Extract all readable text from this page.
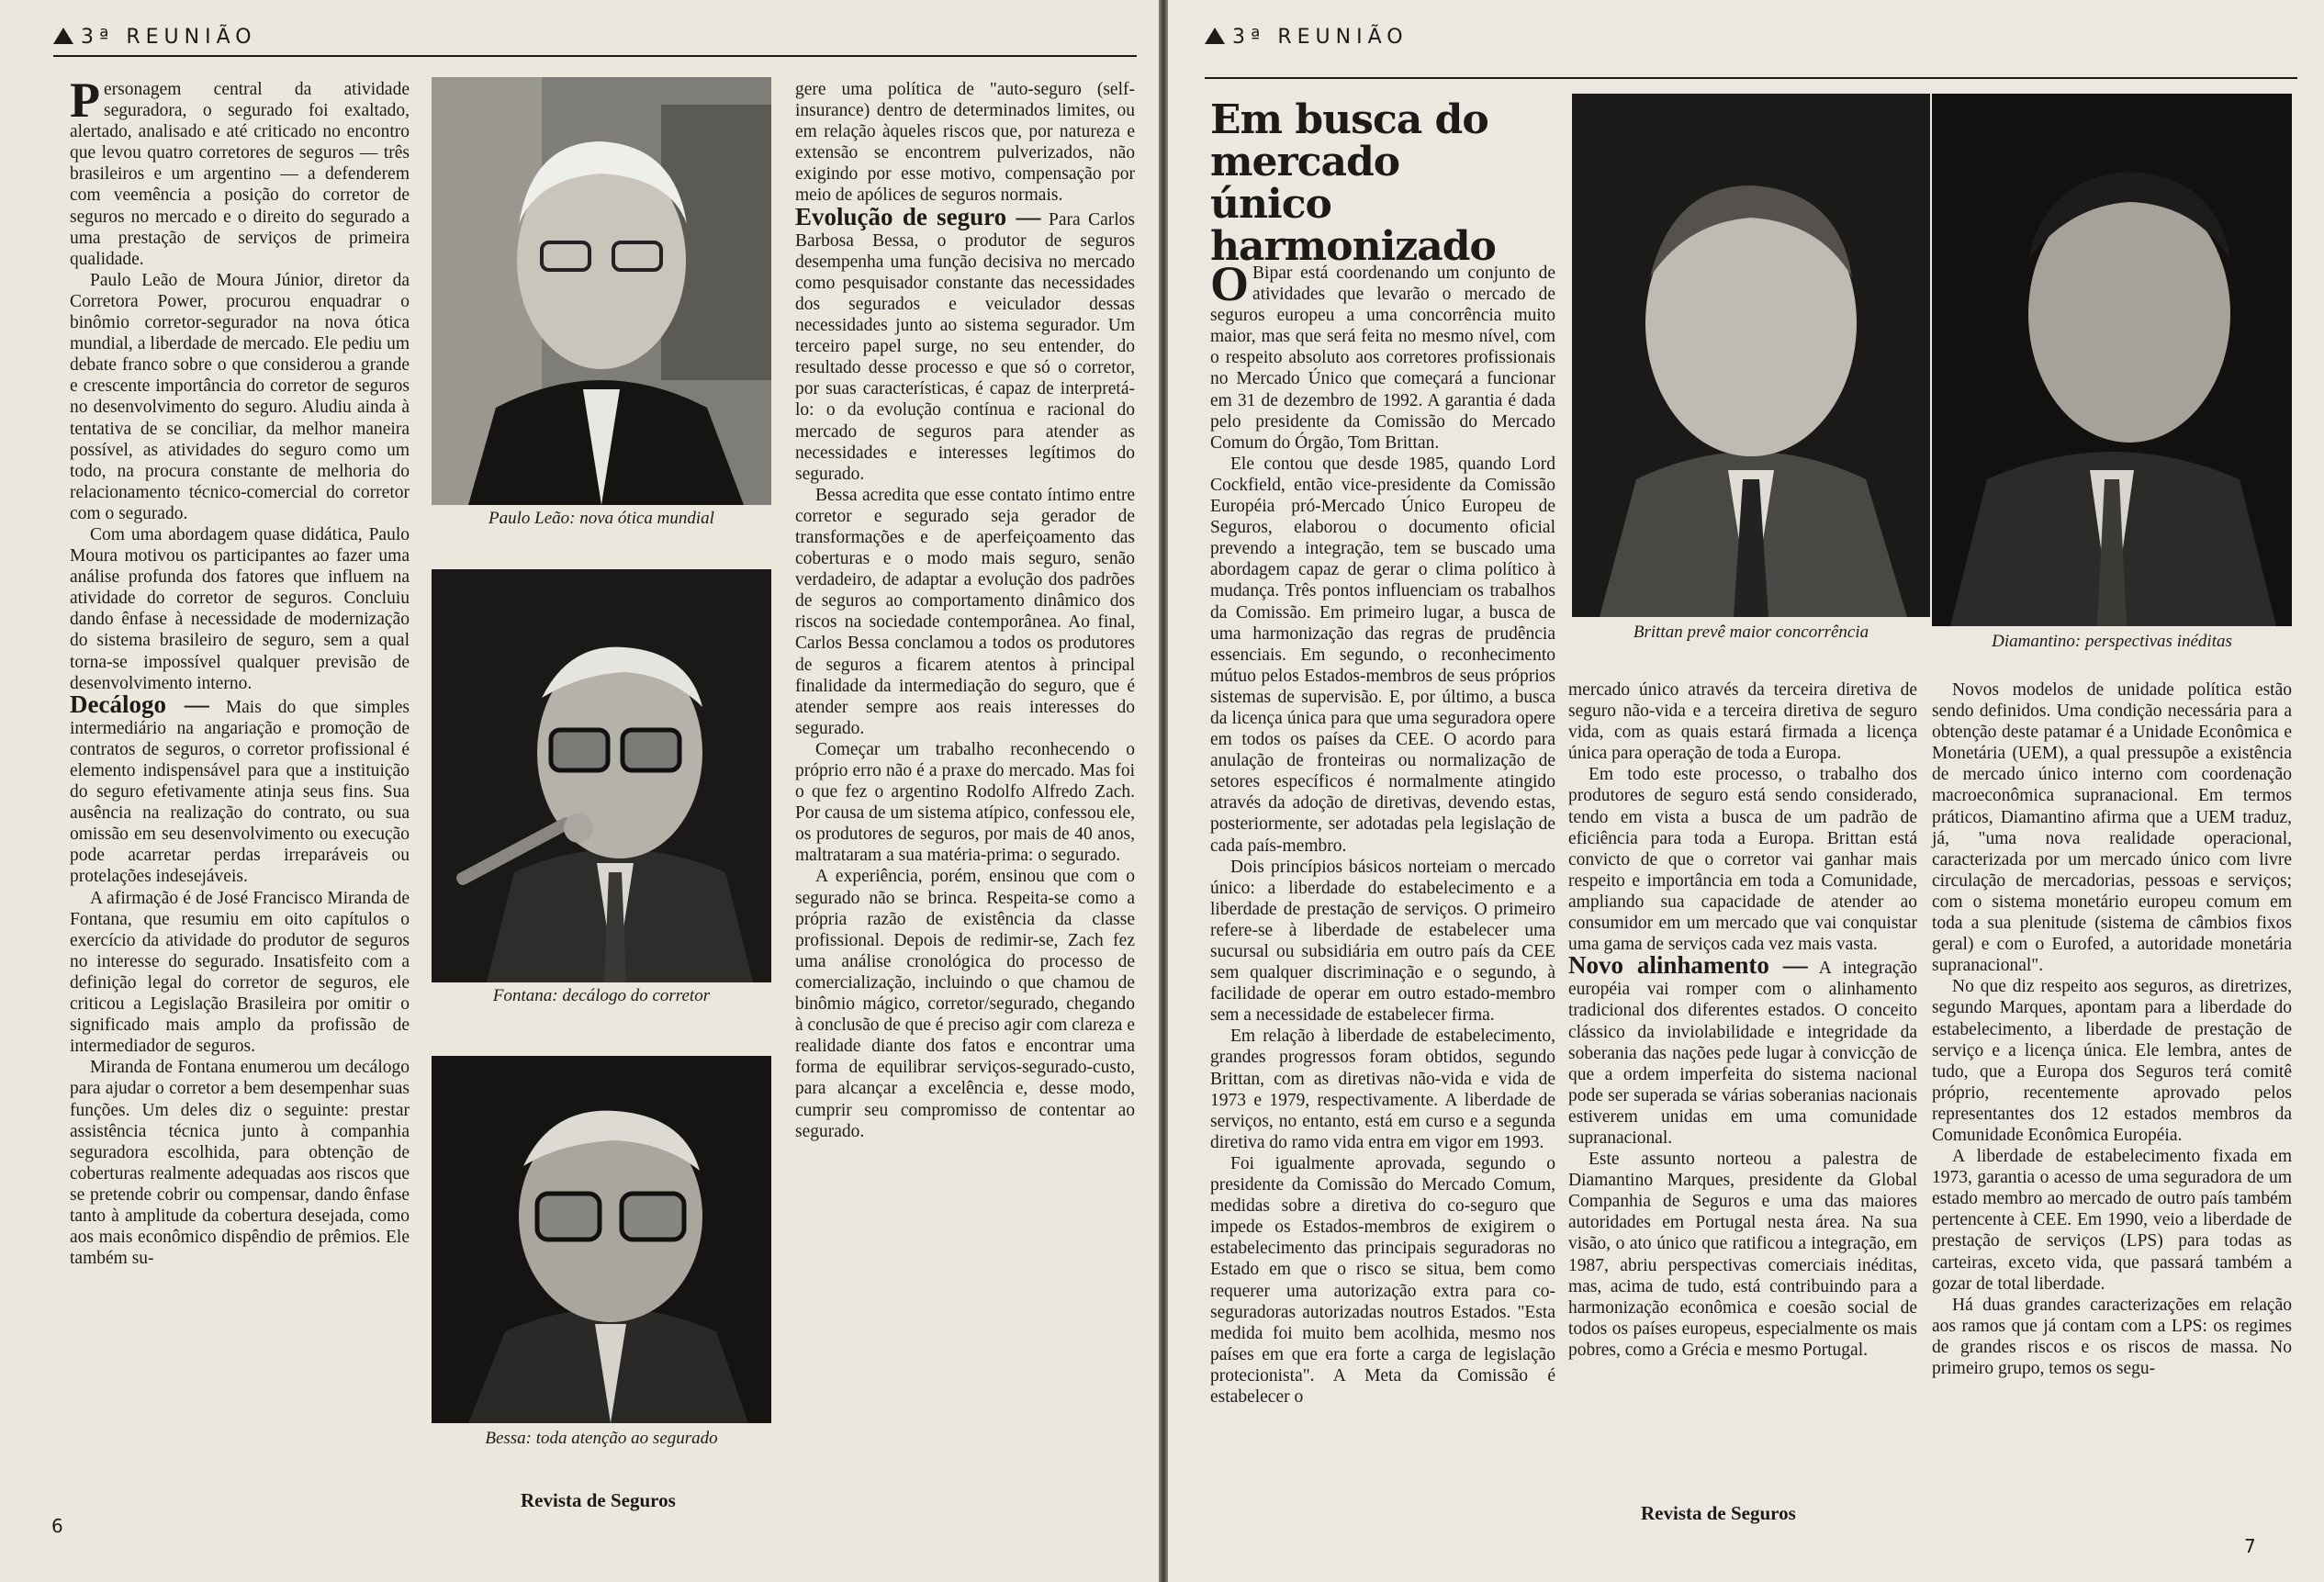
3ª REUNIÃO

Personagem central da atividade seguradora, o segurado foi exaltado, alertado, analisado e até criticado no encontro que levou quatro corretores de seguros — três brasileiros e um argentino — a defenderem com veemência a posição do corretor de seguros no mercado e o direito do segurado a uma prestação de serviços de primeira qualidade.

Paulo Leão de Moura Júnior, diretor da Corretora Power, procurou enquadrar o binômio corretor-segurador na nova ótica mundial, a liberdade de mercado. Ele pediu um debate franco sobre o que considerou a grande e crescente importância do corretor de seguros no desenvolvimento do seguro. Aludiu ainda à tentativa de se conciliar, da melhor maneira possível, as atividades do seguro como um todo, na procura constante de melhoria do relacionamento técnico-comercial do corretor com o segurado.

Com uma abordagem quase didática, Paulo Moura motivou os participantes ao fazer uma análise profunda dos fatores que influem na atividade do corretor de seguros. Concluiu dando ênfase à necessidade de modernização do sistema brasileiro de seguro, sem a qual torna-se impossível qualquer previsão de desenvolvimento interno.

Decálogo — Mais do que simples intermediário na angariação e promoção de contratos de seguros, o corretor profissional é elemento indispensável para que a instituição do seguro efetivamente atinja seus fins. Sua ausência na realização do contrato, ou sua omissão em seu desenvolvimento ou execução pode acarretar perdas irreparáveis ou protelações indesejáveis.

A afirmação é de José Francisco Miranda de Fontana, que resumiu em oito capítulos o exercício da atividade do produtor de seguros no interesse do segurado. Insatisfeito com a definição legal do corretor de seguros, ele criticou a Legislação Brasileira por omitir o significado mais amplo da profissão de intermediador de seguros.

Miranda de Fontana enumerou um decálogo para ajudar o corretor a bem desempenhar suas funções. Um deles diz o seguinte: prestar assistência técnica junto à companhia seguradora escolhida, para obtenção de coberturas realmente adequadas aos riscos que se pretende cobrir ou compensar, dando ênfase tanto à amplitude da cobertura desejada, como aos mais econômico dispêndio de prêmios. Ele também su-

Paulo Leão: nova ótica mundial
Fontana: decálogo do corretor
Bessa: toda atenção ao segurado

gere uma política de "auto-seguro (self-insurance) dentro de determinados limites, ou em relação àqueles riscos que, por natureza e extensão se encontrem pulverizados, não exigindo por esse motivo, compensação por meio de apólices de seguros normais.

Evolução de seguro — Para Carlos Barbosa Bessa, o produtor de seguros desempenha uma função decisiva no mercado como pesquisador constante das necessidades dos segurados e veiculador dessas necessidades junto ao sistema segurador. Um terceiro papel surge, no seu entender, do resultado desse processo e que só o corretor, por suas características, é capaz de interpretá-lo: o da evolução contínua e racional do mercado de seguros para atender as necessidades e interesses legítimos do segurado.

Bessa acredita que esse contato íntimo entre corretor e segurado seja gerador de transformações e de aperfeiçoamento das coberturas e o modo mais seguro, senão verdadeiro, de adaptar a evolução dos padrões de seguros ao comportamento dinâmico dos riscos na sociedade contemporânea. Ao final, Carlos Bessa conclamou a todos os produtores de seguros a ficarem atentos à principal finalidade da intermediação do seguro, que é atender sempre aos reais interesses do segurado.

Começar um trabalho reconhecendo o próprio erro não é a praxe do mercado. Mas foi o que fez o argentino Rodolfo Alfredo Zach. Por causa de um sistema atípico, confessou ele, os produtores de seguros, por mais de 40 anos, maltrataram a sua matéria-prima: o segurado.

A experiência, porém, ensinou que com o segurado não se brinca. Respeita-se como a própria razão de existência da classe profissional. Depois de redimir-se, Zach fez uma análise cronológica do processo de comercialização, incluindo o que chamou de binômio mágico, corretor/segurado, chegando à conclusão de que é preciso agir com clareza e realidade diante dos fatos e encontrar uma forma de equilibrar serviços-segurado-custo, para alcançar a excelência e, desse modo, cumprir seu compromisso de contentar ao segurado.

Revista de Seguros
6
3ª REUNIÃO
Em busca do
mercado único
harmonizado
Brittan prevê maior concorrência	Diamantino: perspectivas inéditas

O Bipar está coordenando um conjunto de atividades que levarão o mercado de seguros europeu a uma concorrência muito maior, mas que será feita no mesmo nível, com o respeito absoluto aos corretores profissionais no Mercado Único que começará a funcionar em 31 de dezembro de 1992. A garantia é dada pelo presidente da Comissão do Mercado Comum do Órgão, Tom Brittan.

Ele contou que desde 1985, quando Lord Cockfield, então vice-presidente da Comissão Européia pró-Mercado Único Europeu de Seguros, elaborou o documento oficial prevendo a integração, tem se buscado uma abordagem capaz de gerar o clima político à mudança. Três pontos influenciam os trabalhos da Comissão. Em primeiro lugar, a busca de uma harmonização das regras de prudência essenciais. Em segundo, o reconhecimento mútuo pelos Estados-membros de seus próprios sistemas de supervisão. E, por último, a busca da licença única para que uma seguradora opere em todos os países da CEE. O acordo para anulação de fronteiras ou normalização de setores específicos é normalmente atingido através da adoção de diretivas, devendo estas, posteriormente, ser adotadas pela legislação de cada país-membro.

Dois princípios básicos norteiam o mercado único: a liberdade do estabelecimento e a liberdade de prestação de serviços. O primeiro refere-se à liberdade de estabelecer uma sucursal ou subsidiária em outro país da CEE sem qualquer discriminação e o segundo, à facilidade de operar em outro estado-membro sem a necessidade de estabelecer firma.

Em relação à liberdade de estabelecimento, grandes progressos foram obtidos, segundo Brittan, com as diretivas não-vida e vida de 1973 e 1979, respectivamente. A liberdade de serviços, no entanto, está em curso e a segunda diretiva do ramo vida entra em vigor em 1993.

Foi igualmente aprovada, segundo o presidente da Comissão do Mercado Comum, medidas sobre a diretiva do co-seguro que impede os Estados-membros de exigirem o estabelecimento das principais seguradoras no Estado em que o risco se situa, bem como requerer uma autorização extra para co-seguradoras autorizadas noutros Estados. "Esta medida foi muito bem acolhida, mesmo nos países em que era forte a carga de legislação protecionista". A Meta da Comissão é estabelecer o

mercado único através da terceira diretiva de seguro não-vida e a terceira diretiva de seguro vida, com as quais estará firmada a licença única para operação de toda a Europa.

Em todo este processo, o trabalho dos produtores de seguro está sendo considerado, tendo em vista a busca de um padrão de eficiência para toda a Europa. Brittan está convicto de que o corretor vai ganhar mais respeito e importância em toda a Comunidade, ampliando sua capacidade de atender ao consumidor em um mercado que vai conquistar uma gama de serviços cada vez mais vasta.

Novo alinhamento — A integração européia vai romper com o alinhamento tradicional dos diferentes estados. O conceito clássico da inviolabilidade e integridade da soberania das nações pede lugar à convicção de que a ordem imperfeita do sistema nacional pode ser superada se várias soberanias nacionais estiverem unidas em uma comunidade supranacional.

Este assunto norteou a palestra de Diamantino Marques, presidente da Global Companhia de Seguros e uma das maiores autoridades em Portugal nesta área. Na sua visão, o ato único que ratificou a integração, em 1987, abriu perspectivas comerciais inéditas, mas, acima de tudo, está contribuindo para a harmonização econômica e coesão social de todos os países europeus, especialmente os mais pobres, como a Grécia e mesmo Portugal.

Novos modelos de unidade política estão sendo definidos. Uma condição necessária para a obtenção deste patamar é a Unidade Econômica e Monetária (UEM), a qual pressupõe a existência de mercado único interno com coordenação macroeconômica supranacional. Em termos práticos, Diamantino afirma que a UEM traduz, já, "uma nova realidade operacional, caracterizada por um mercado único com livre circulação de mercadorias, pessoas e serviços; com o sistema monetário europeu comum em toda a sua plenitude (sistema de câmbios fixos geral) e com o Eurofed, a autoridade monetária supranacional".

No que diz respeito aos seguros, as diretrizes, segundo Marques, apontam para a liberdade do estabelecimento, a liberdade de prestação de serviço e a licença única. Ele lembra, antes de tudo, que a Europa dos Seguros terá comitê próprio, recentemente aprovado pelos representantes dos 12 estados membros da Comunidade Econômica Européia.

A liberdade de estabelecimento fixada em 1973, garantia o acesso de uma seguradora de um estado membro ao mercado de outro país também pertencente à CEE. Em 1990, veio a liberdade de prestação de serviços (LPS) para todas as carteiras, exceto vida, que passará também a gozar de total liberdade.

Há duas grandes caracterizações em relação aos ramos que já contam com a LPS: os regimes de grandes riscos e os riscos de massa. No primeiro grupo, temos os segu-

Revista de Seguros
7
